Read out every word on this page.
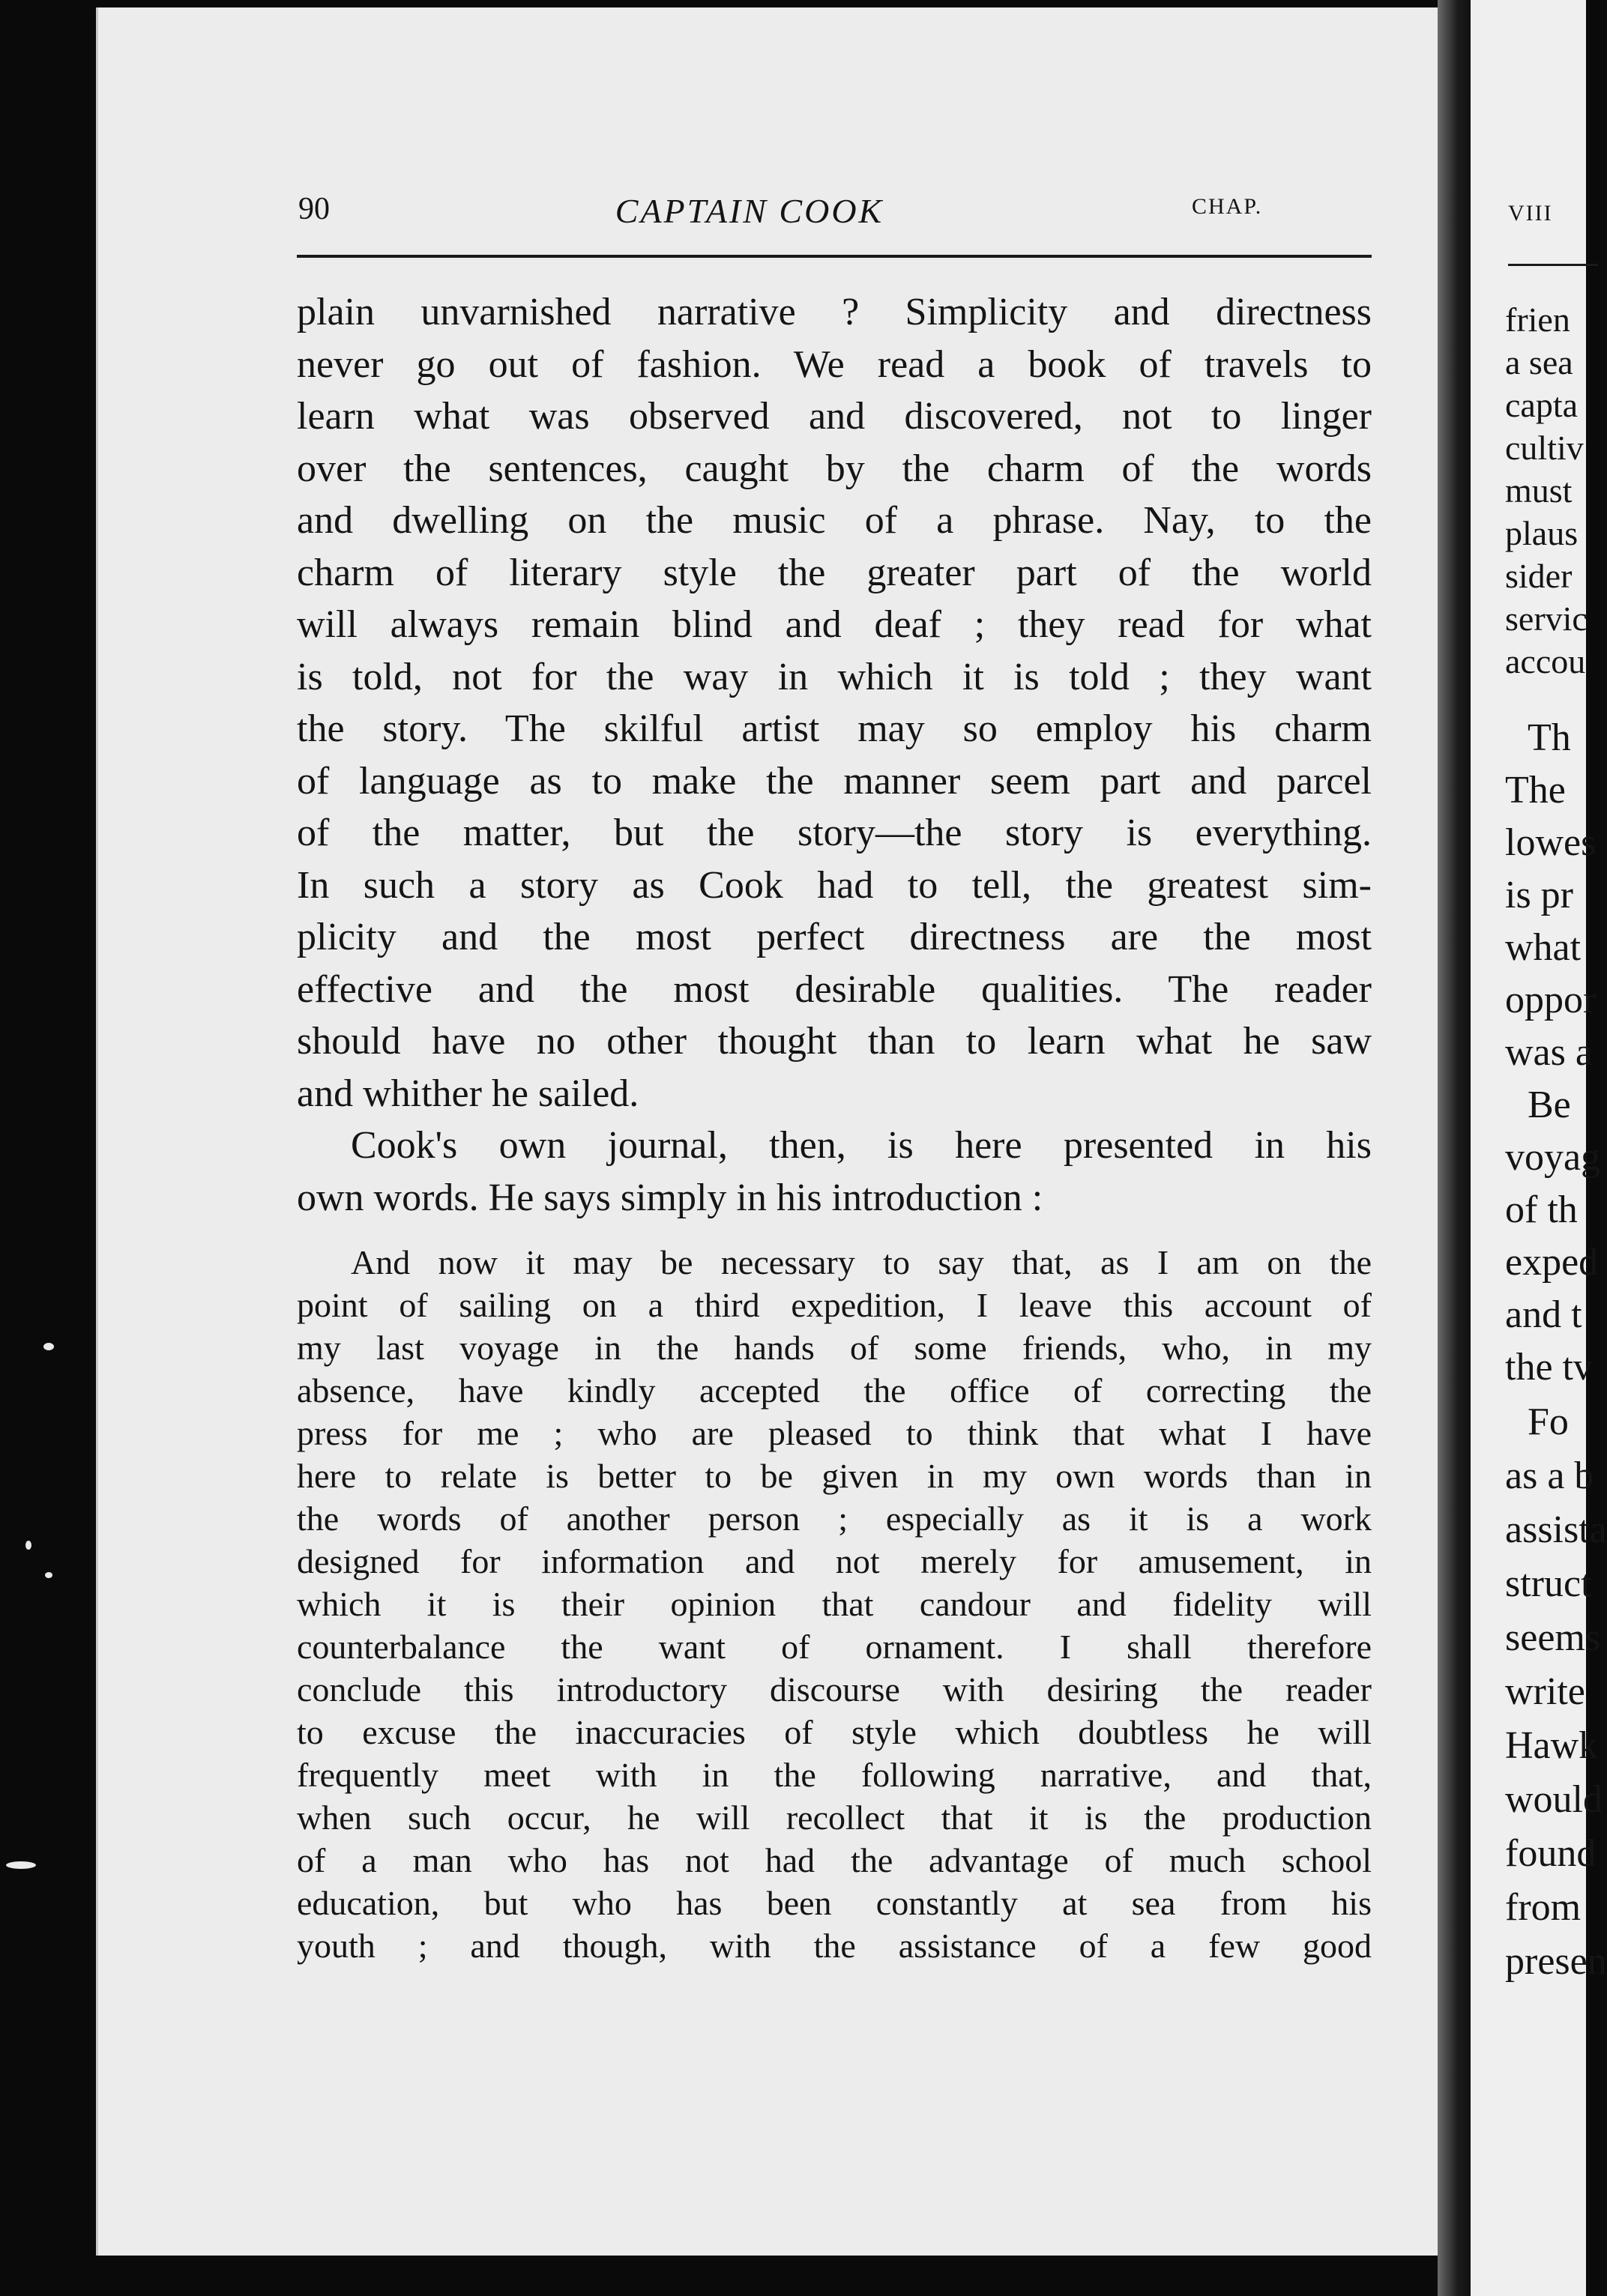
VIII
frien
a sea
capta
cultiv
must
plaus
sider
servic
accou
Th
The
lowes
is pr
what
oppor
was a
Be
voyag
of th
exped
and t
the tv
Fo
as a b
assista
struct
seems
write
Hawk
would
found
from
presen
90	CAPTAIN COOK	CHAP.

plain unvarnished narrative ? Simplicity and directness

never go out of fashion. We read a book of travels to

learn what was observed and discovered, not to linger

over the sentences, caught by the charm of the words

and dwelling on the music of a phrase. Nay, to the

charm of literary style the greater part of the world

will always remain blind and deaf ; they read for what

is told, not for the way in which it is told ; they want

the story. The skilful artist may so employ his charm

of language as to make the manner seem part and parcel

of the matter, but the story—the story is everything.

In such a story as Cook had to tell, the greatest sim-

plicity and the most perfect directness are the most

effective and the most desirable qualities. The reader

should have no other thought than to learn what he saw

and whither he sailed.

Cook's own journal, then, is here presented in his

own words. He says simply in his introduction :

And now it may be necessary to say that, as I am on the

point of sailing on a third expedition, I leave this account of

my last voyage in the hands of some friends, who, in my

absence, have kindly accepted the office of correcting the

press for me ; who are pleased to think that what I have

here to relate is better to be given in my own words than in

the words of another person ; especially as it is a work

designed for information and not merely for amusement, in

which it is their opinion that candour and fidelity will

counterbalance the want of ornament. I shall therefore

conclude this introductory discourse with desiring the reader

to excuse the inaccuracies of style which doubtless he will

frequently meet with in the following narrative, and that,

when such occur, he will recollect that it is the production

of a man who has not had the advantage of much school

education, but who has been constantly at sea from his

youth ; and though, with the assistance of a few good
